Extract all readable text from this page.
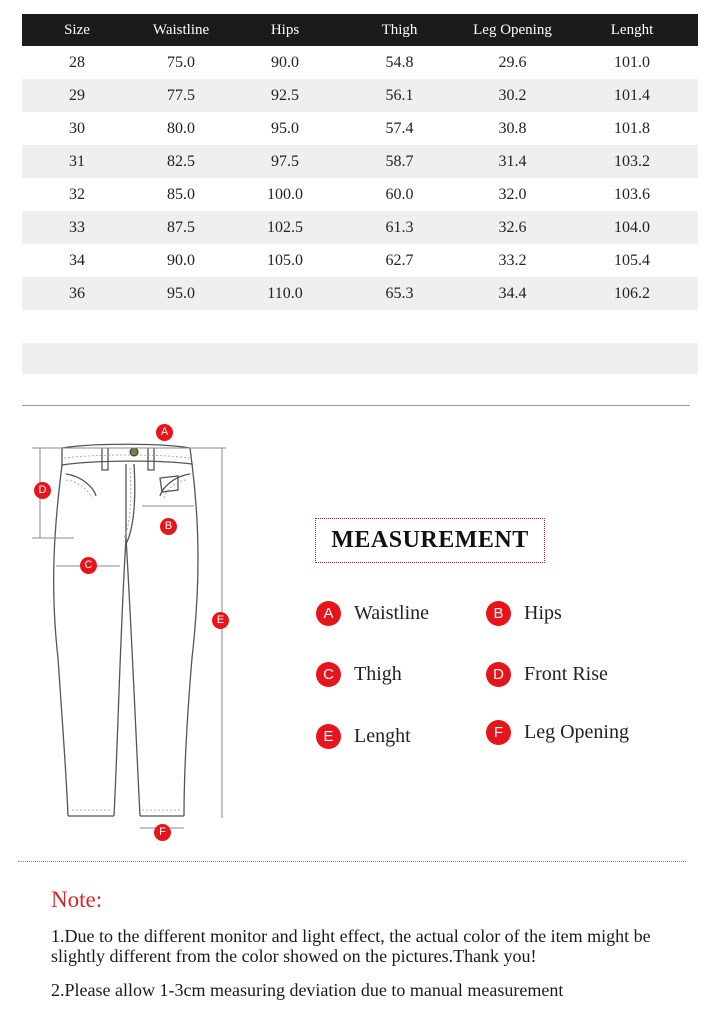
Size	Waistline	Hips	Thigh	Leg Opening	Lenght
28	75.0	90.0	54.8	29.6	101.0
29	77.5	92.5	56.1	30.2	101.4
30	80.0	95.0	57.4	30.8	101.8
31	82.5	97.5	58.7	31.4	103.2
32	85.0	100.0	60.0	32.0	103.6
33	87.5	102.5	61.3	32.6	104.0
34	90.0	105.0	62.7	33.2	105.4
36	95.0	110.0	65.3	34.4	106.2
A
B
C
D
E
F
MEASUREMENT
A	Waistline	B	Hips
C	Thigh	D	Front Rise
E	Lenght	F	Leg Opening
Note:
1.Due to the different monitor and light effect, the actual color of the item might be slightly different from the color showed on the pictures.Thank you!
2.Please allow 1-3cm measuring deviation due to manual measurement
